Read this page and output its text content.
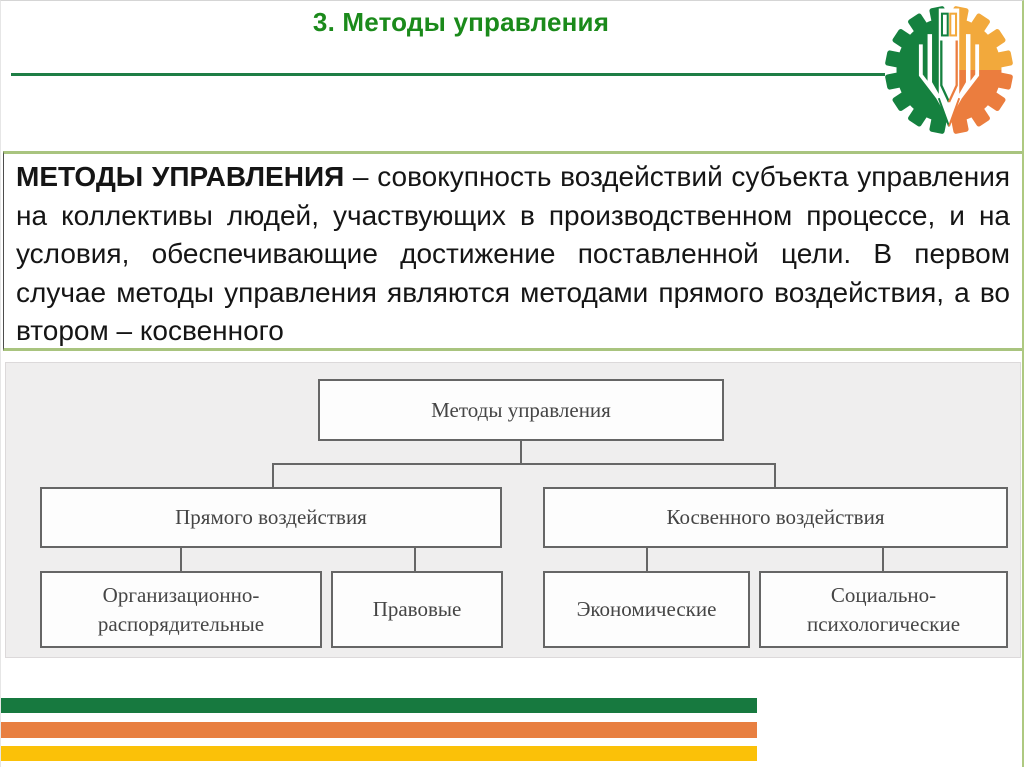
3. Методы управления
МЕТОДЫ УПРАВЛЕНИЯ – совокупность воздействий субъекта управления на коллективы людей, участвующих в производственном процессе, и на условия, обеспечивающие достижение поставленной цели. В первом случае методы управления являются методами прямого воздействия, а во втором – косвенного
Методы управления
Прямого воздействия	Косвенного воздействия
Организационно-распорядительные
Правовые	Экономические
Социально-психологические
